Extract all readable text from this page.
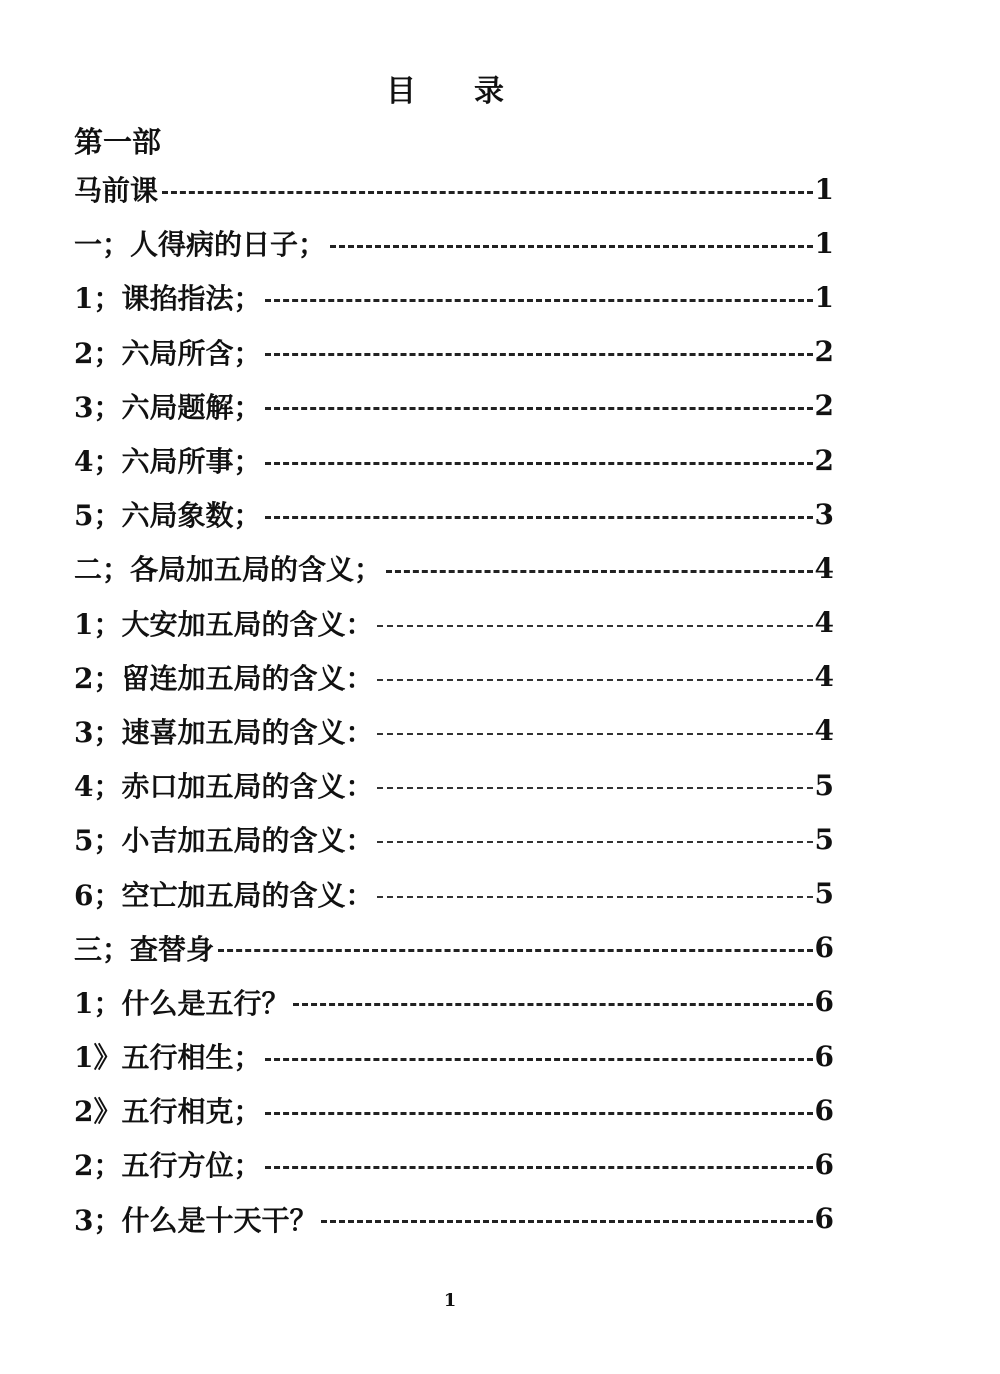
目录
第一部
马前课	1
一；人得病的日子；	1
1；课掐指法；	1
2；六局所含；	2
3；六局题解；	2
4；六局所事；	2
5；六局象数；	3
二；各局加五局的含义；	4
1；大安加五局的含义：	4
2；留连加五局的含义：	4
3；速喜加五局的含义：	4
4；赤口加五局的含义：	5
5；小吉加五局的含义：	5
6；空亡加五局的含义：	5
三；查替身	6
1；什么是五行？	6
1》五行相生；	6
2》五行相克；	6
2；五行方位；	6
3；什么是十天干？	6
1
